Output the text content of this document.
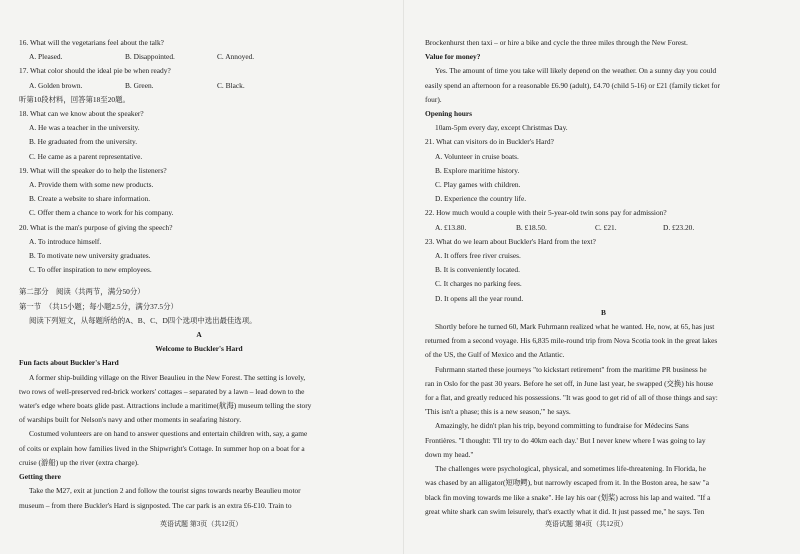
16. What will the vegetarians feel about the talk?
A. Pleased.	B. Disappointed.	C. Annoyed.
17. What color should the ideal pie be when ready?
A. Golden brown.	B. Green.	C. Black.
听第10段材料，回答第18至20题。
18. What can we know about the speaker?
A. He was a teacher in the university.
B. He graduated from the university.
C. He came as a parent representative.
19. What will the speaker do to help the listeners?
A. Provide them with some new products.
B. Create a website to share information.
C. Offer them a chance to work for his company.
20. What is the man's purpose of giving the speech?
A. To introduce himself.
B. To motivate new university graduates.
C. To offer inspiration to new employees.
第二部分　阅读（共两节，满分50分）
第一节　（共15小题；每小题2.5分，满分37.5分）
阅读下列短文，从每题所给的A、B、C、D四个选项中选出最佳选项。
A
Welcome to Buckler's Hard
Fun facts about Buckler's Hard
A former ship-building village on the River Beaulieu in the New Forest. The setting is lovely,
two rows of well-preserved red-brick workers' cottages – separated by a lawn – lead down to the
water's edge where boats glide past. Attractions include a maritime(航海) museum telling the story
of warships built for Nelson's navy and other moments in seafaring history.
Costumed volunteers are on hand to answer questions and entertain children with, say, a game
of coits or explain how families lived in the Shipwright's Cottage. In summer hop on a boat for a
cruise (游船) up the river (extra charge).
Getting there
Take the M27, exit at junction 2 and follow the tourist signs towards nearby Beaulieu motor
museum – from there Buckler's Hard is signposted. The car park is an extra £6-£10. Train to
Brockenhurst then taxi – or hire a bike and cycle the three miles through the New Forest.
Value for money?
Yes. The amount of time you take will likely depend on the weather. On a sunny day you could
easily spend an afternoon for a reasonable £6.90 (adult), £4.70 (child 5-16) or £21 (family ticket for
four).
Opening hours
10am-5pm every day, except Christmas Day.
21. What can visitors do in Buckler's Hard?
A. Volunteer in cruise boats.
B. Explore maritime history.
C. Play games with children.
D. Experience the country life.
22. How much would a couple with their 5-year-old twin sons pay for admission?
A. £13.80.	B. £18.50.	C. £21.	D. £23.20.
23. What do we learn about Buckler's Hard from the text?
A. It offers free river cruises.
B. It is conveniently located.
C. It charges no parking fees.
D. It opens all the year round.
B
Shortly before he turned 60, Mark Fuhrmann realized what he wanted. He, now, at 65, has just
returned from a second voyage. His 6,835 mile-round trip from Nova Scotia took in the great lakes
of the US, the Gulf of Mexico and the Atlantic.
Fuhrmann started these journeys "to kickstart retirement" from the maritime PR business he
ran in Oslo for the past 30 years. Before he set off, in June last year, he swapped (交换) his house
for a flat, and greatly reduced his possessions. "It was good to get rid of all of those things and say:
'This isn't a phase; this is a new season,'" he says.
Amazingly, he didn't plan his trip, beyond committing to fundraise for Médecins Sans
Frontières. "I thought: 'I'll try to do 40km each day.' But I never knew where I was going to lay
down my head."
The challenges were psychological, physical, and sometimes life-threatening. In Florida, he
was chased by an alligator(短吻鳄), but narrowly escaped from it. In the Boston area, he saw "a
black fin moving towards me like a snake". He lay his oar (划桨) across his lap and waited. "If a
great white shark can swim leisurely, that's exactly what it did. It just passed me," he says. Ten
英语试题 第3页（共12页）	英语试题 第4页（共12页）
